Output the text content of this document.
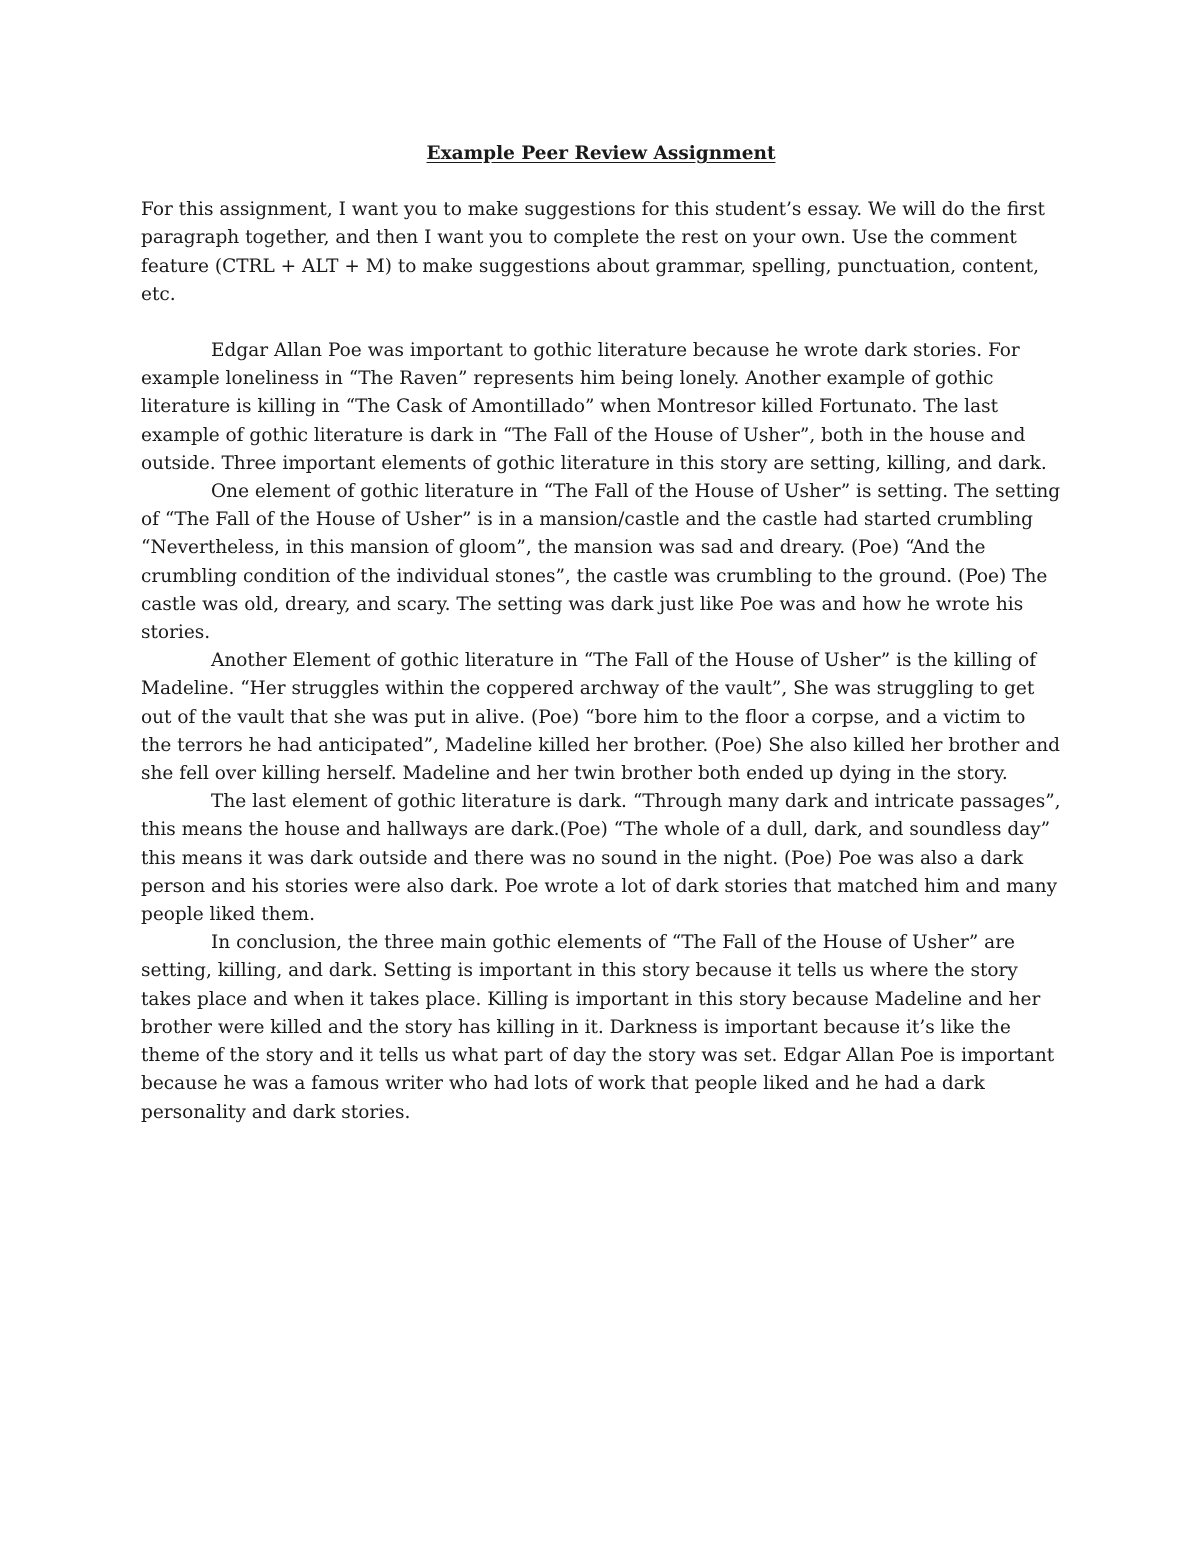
Example Peer Review Assignment

For this assignment, I want you to make suggestions for this student’s essay. We will do the first paragraph together, and then I want you to complete the rest on your own. Use the comment feature (CTRL + ALT + M) to make suggestions about grammar, spelling, punctuation, content, etc.

Edgar Allan Poe was important to gothic literature because he wrote dark stories. For example loneliness in “The Raven” represents him being lonely. Another example of gothic literature is killing in “The Cask of Amontillado” when Montresor killed Fortunato. The last example of gothic literature is dark in “The Fall of the House of Usher”, both in the house and outside. Three important elements of gothic literature in this story are setting, killing, and dark.

One element of gothic literature in “The Fall of the House of Usher” is setting. The setting of “The Fall of the House of Usher” is in a mansion/castle and the castle had started crumbling “Nevertheless, in this mansion of gloom”, the mansion was sad and dreary. (Poe) “And the crumbling condition of the individual stones”, the castle was crumbling to the ground. (Poe) The castle was old, dreary, and scary. The setting was dark just like Poe was and how he wrote his stories.

Another Element of gothic literature in “The Fall of the House of Usher” is the killing of Madeline. “Her struggles within the coppered archway of the vault”, She was struggling to get out of the vault that she was put in alive. (Poe) “bore him to the floor a corpse, and a victim to the terrors he had anticipated”, Madeline killed her brother. (Poe) She also killed her brother and she fell over killing herself. Madeline and her twin brother both ended up dying in the story.

The last element of gothic literature is dark. “Through many dark and intricate passages”, this means the house and hallways are dark.(Poe) “The whole of a dull, dark, and soundless day” this means it was dark outside and there was no sound in the night. (Poe) Poe was also a dark person and his stories were also dark. Poe wrote a lot of dark stories that matched him and many people liked them.

In conclusion, the three main gothic elements of “The Fall of the House of Usher” are setting, killing, and dark. Setting is important in this story because it tells us where the story takes place and when it takes place. Killing is important in this story because Madeline and her brother were killed and the story has killing in it. Darkness is important because it’s like the theme of the story and it tells us what part of day the story was set. Edgar Allan Poe is important because he was a famous writer who had lots of work that people liked and he had a dark personality and dark stories.
